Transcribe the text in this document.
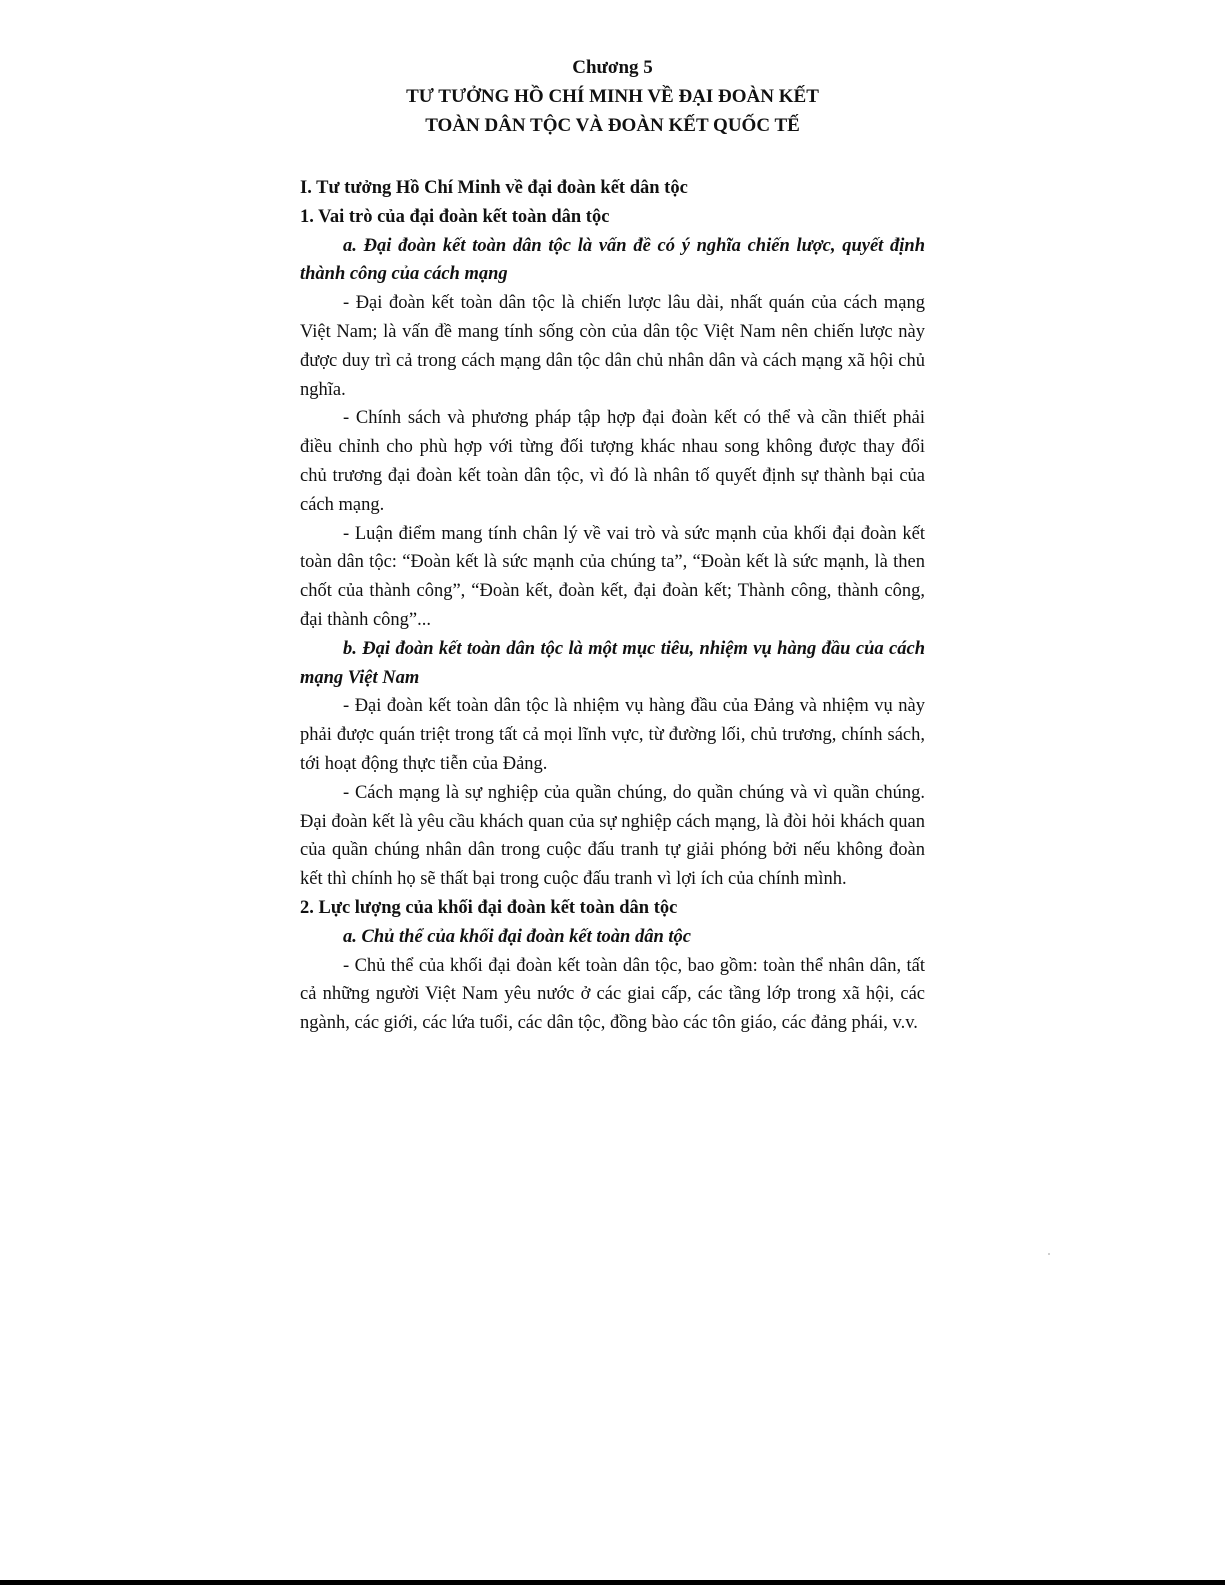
Chương 5

TƯ TƯỞNG HỒ CHÍ MINH VỀ ĐẠI ĐOÀN KẾT

TOÀN DÂN TỘC VÀ ĐOÀN KẾT QUỐC TẾ

I. Tư tưởng Hồ Chí Minh về đại đoàn kết dân tộc

1. Vai trò của đại đoàn kết toàn dân tộc

a. Đại đoàn kết toàn dân tộc là vấn đề có ý nghĩa chiến lược, quyết định thành công của cách mạng

- Đại đoàn kết toàn dân tộc là chiến lược lâu dài, nhất quán của cách mạng Việt Nam; là vấn đề mang tính sống còn của dân tộc Việt Nam nên chiến lược này được duy trì cả trong cách mạng dân tộc dân chủ nhân dân và cách mạng xã hội chủ nghĩa.

- Chính sách và phương pháp tập hợp đại đoàn kết có thể và cần thiết phải điều chỉnh cho phù hợp với từng đối tượng khác nhau song không được thay đổi chủ trương đại đoàn kết toàn dân tộc, vì đó là nhân tố quyết định sự thành bại của cách mạng.

- Luận điểm mang tính chân lý về vai trò và sức mạnh của khối đại đoàn kết toàn dân tộc: “Đoàn kết là sức mạnh của chúng ta”, “Đoàn kết là sức mạnh, là then chốt của thành công”, “Đoàn kết, đoàn kết, đại đoàn kết; Thành công, thành công, đại thành công”...

b. Đại đoàn kết toàn dân tộc là một mục tiêu, nhiệm vụ hàng đầu của cách mạng Việt Nam

- Đại đoàn kết toàn dân tộc là nhiệm vụ hàng đầu của Đảng và nhiệm vụ này phải được quán triệt trong tất cả mọi lĩnh vực, từ đường lối, chủ trương, chính sách, tới hoạt động thực tiễn của Đảng.

- Cách mạng là sự nghiệp của quần chúng, do quần chúng và vì quần chúng. Đại đoàn kết là yêu cầu khách quan của sự nghiệp cách mạng, là đòi hỏi khách quan của quần chúng nhân dân trong cuộc đấu tranh tự giải phóng bởi nếu không đoàn kết thì chính họ sẽ thất bại trong cuộc đấu tranh vì lợi ích của chính mình.

2. Lực lượng của khối đại đoàn kết toàn dân tộc

a. Chủ thể của khối đại đoàn kết toàn dân tộc

- Chủ thể của khối đại đoàn kết toàn dân tộc, bao gồm: toàn thể nhân dân, tất cả những người Việt Nam yêu nước ở các giai cấp, các tầng lớp trong xã hội, các ngành, các giới, các lứa tuổi, các dân tộc, đồng bào các tôn giáo, các đảng phái, v.v.
